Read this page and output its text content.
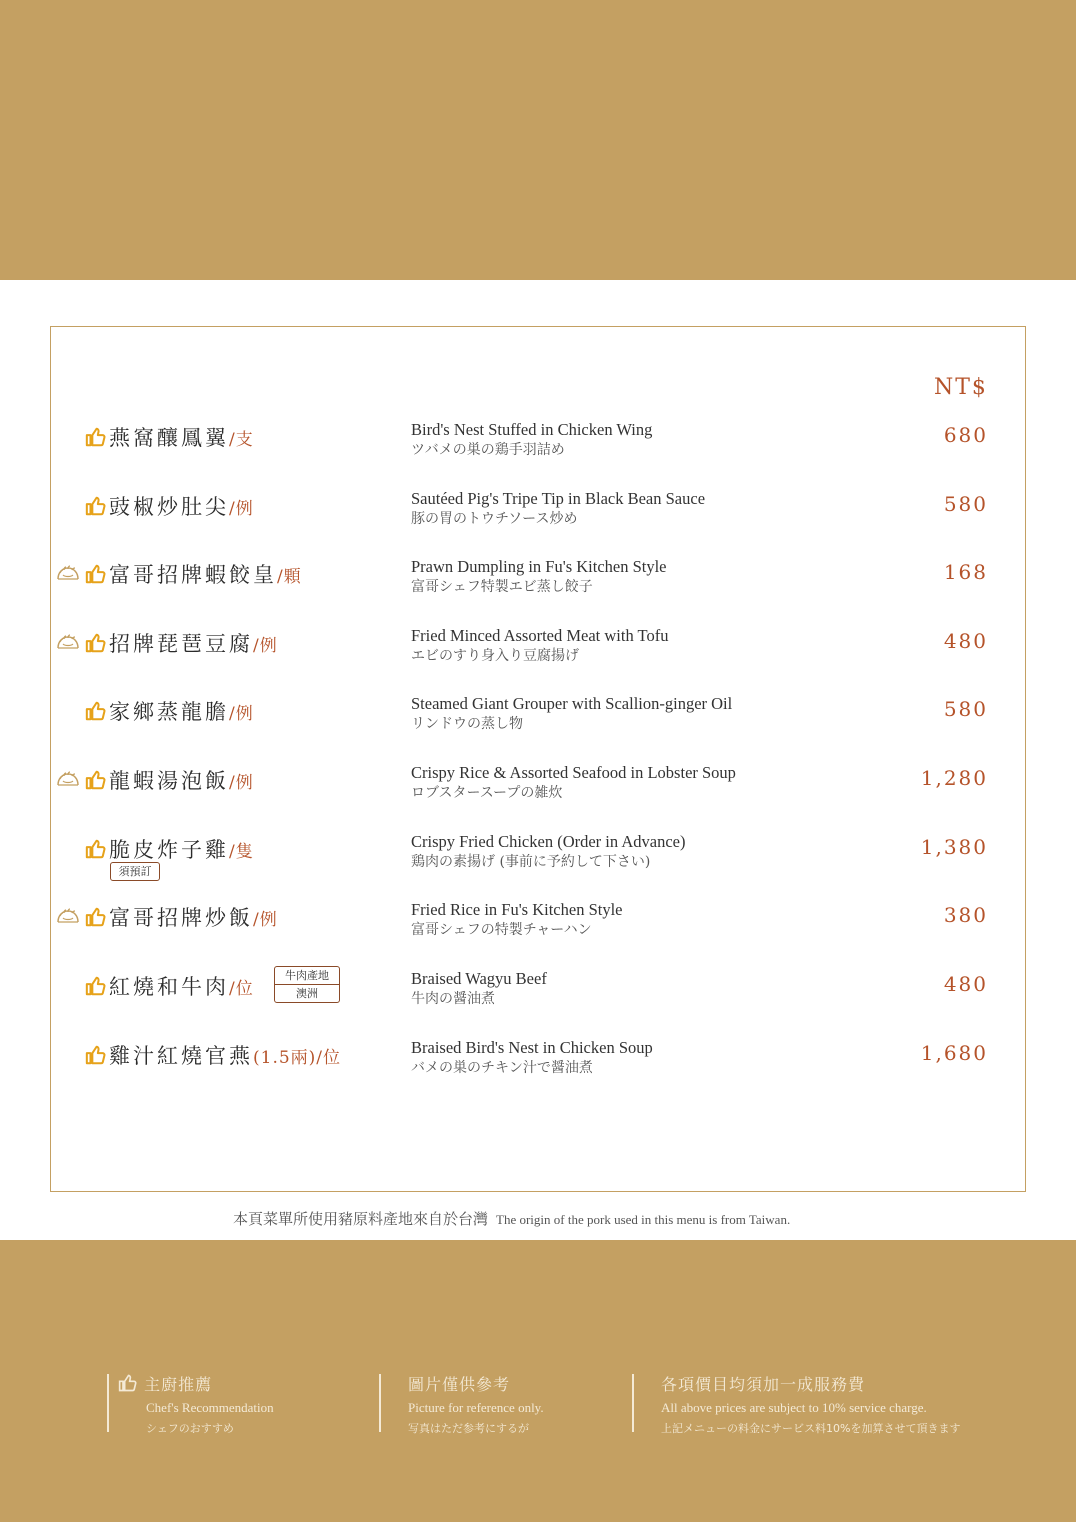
NT$
燕窩釀鳳翼/支
Bird's Nest Stuffed in Chicken Wing
ツバメの巣の鶏手羽詰め
680
豉椒炒肚尖/例
Sautéed Pig's Tripe Tip in Black Bean Sauce
豚の胃のトウチソース炒め
580
富哥招牌蝦餃皇/顆
Prawn Dumpling in Fu's Kitchen Style
富哥シェフ特製エビ蒸し餃子
168
招牌琵琶豆腐/例
Fried Minced Assorted Meat with Tofu
エビのすり身入り豆腐揚げ
480
家鄉蒸龍膽/例
Steamed Giant Grouper with Scallion-ginger Oil
リンドウの蒸し物
580
龍蝦湯泡飯/例
Crispy Rice & Assorted Seafood in Lobster Soup
ロブスタースープの雑炊
1,280
脆皮炸子雞/隻
Crispy Fried Chicken (Order in Advance)
鶏肉の素揚げ (事前に予約して下さい)
1,380
須預訂
富哥招牌炒飯/例
Fried Rice in Fu's Kitchen Style
富哥シェフの特製チャーハン
380
紅燒和牛肉/位
Braised Wagyu Beef
牛肉の醤油煮
480
牛肉產地
澳洲
雞汁紅燒官燕(1.5兩)/位
Braised Bird's Nest in Chicken Soup
バメの巣のチキン汁で醤油煮
1,680
本頁菜單所使用豬原料產地來自於台灣 The origin of the pork used in this menu is from Taiwan.
主廚推薦
Chef's Recommendation
シェフのおすすめ
圖片僅供參考
Picture for reference only.
写真はただ参考にするが
各項價目均須加一成服務費
All above prices are subject to 10% service charge.
上記メニューの料金にサービス料10%を加算させて頂きます
